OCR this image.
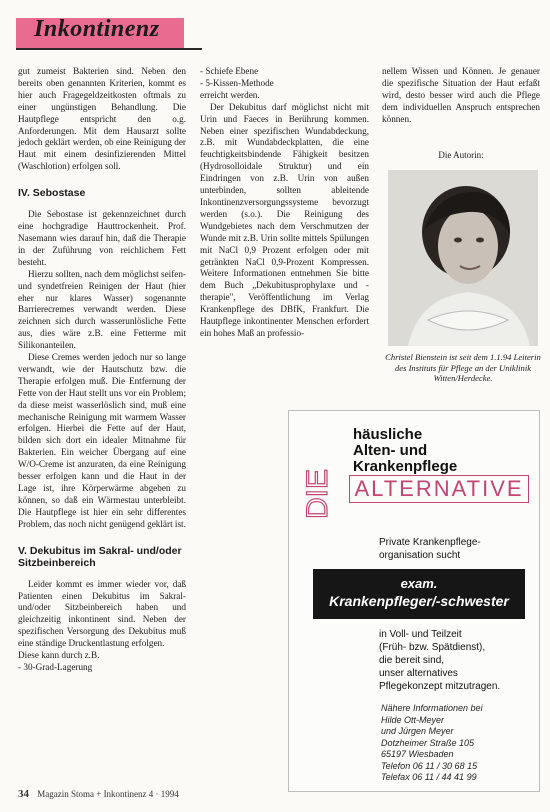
Inkontinenz

gut zumeist Bakterien sind. Neben den bereits oben genannten Kriterien, kommt es hier auch Fragegeldzeitkosten oftmals zu einer ungünstigen Behandlung. Die Hautpflege entspricht den o.g. Anforderungen. Mit dem Hausarzt sollte jedoch geklärt werden, ob eine Reinigung der Haut mit einem desinfizierenden Mittel (Waschlotion) erfolgen soll.

IV. Sebostase

Die Sebostase ist gekennzeichnet durch eine hochgradige Hauttrockenheit. Prof. Nasemann wies darauf hin, daß die Therapie in der Zuführung von reichlichem Fett besteht.

Hierzu sollten, nach dem möglichst seifen- und syndetfreien Reinigen der Haut (hier eher nur klares Wasser) sogenannte Barrierecremes verwandt werden. Diese zeichnen sich durch wasserunlösliche Fette aus, dies wäre z.B. eine Fetterme mit Silikonanteilen.

Diese Cremes werden jedoch nur so lange verwandt, wie der Hautschutz bzw. die Therapie erfolgen muß. Die Entfernung der Fette von der Haut stellt uns vor ein Problem; da diese meist wasserlöslich sind, muß eine mechanische Reinigung mit warmem Wasser erfolgen. Hierbei die Fette auf der Haut, bilden sich dort ein idealer Mitnahme für Bakterien. Ein weicher Übergang auf eine W/O-Creme ist anzuraten, da eine Reinigung besser erfolgen kann und die Haut in der Lage ist, ihre Körperwärme abgeben zu können, so daß ein Wärmestau unterbleibt. Die Hautpflege ist hier ein sehr differentes Problem, das noch nicht genügend geklärt ist.

V. Dekubitus im Sakral- und/oder Sitzbeinbereich

Leider kommt es immer wieder vor, daß Patienten einen Dekubitus im Sakral- und/oder Sitzbeinbereich haben und gleichzeitig inkontinent sind. Neben der spezifischen Versorgung des Dekubitus muß eine ständige Druckentlastung erfolgen.

Diese kann durch z.B.

- 30-Grad-Lagerung

- Schiefe Ebene

- 5-Kissen-Methode

erreicht werden.

Der Dekubitus darf möglichst nicht mit Urin und Faeces in Berührung kommen. Neben einer spezifischen Wundabdeckung, z.B. mit Wundabdeckplatten, die eine feuchtigkeitsbindende Fähigkeit besitzen (Hydrosolloidale Struktur) und ein Eindringen von z.B. Urin von außen unterbinden, sollten ableitende Inkontinenzversorgungssysteme bevorzugt werden (s.o.). Die Reinigung des Wundgebietes nach dem Verschmutzen der Wunde mit z.B. Urin sollte mittels Spülungen mit NaCl 0,9 Prozent erfolgen oder mit getränkten NaCl 0,9-Prozent Kompressen. Weitere Informationen entnehmen Sie bitte dem Buch „Dekubitusprophylaxe und -therapie", Veröffentlichung im Verlag Krankenpflege des DBfK, Frankfurt. Die Hautpflege inkontinenter Menschen erfordert ein hohes Maß an professio-

nellem Wissen und Können. Je genauer die spezifische Situation der Haut erfaßt wird, desto besser wird auch die Pflege dem individuellen Anspruch entsprechen können.

Die Autorin:
Christel Bienstein ist seit dem 1.1.94 Leiterin des Instituts für Pflege an der Uniklinik Witten/Herdecke.
DIE
häusliche
Alten- und
Krankenpflege
ALTERNATIVE
Private Krankenpflege-
organisation sucht
exam.
Krankenpfleger/-schwester
in Voll- und Teilzeit
(Früh- bzw. Spätdienst),
die bereit sind,
unser alternatives
Pflegekonzept mitzutragen.
Nähere Informationen bei
Hilde Ott-Meyer
und Jürgen Meyer
Dotzheimer Straße 105
65197 Wiesbaden
Telefon 06 11 / 30 68 15
Telefax 06 11 / 44 41 99
34 Magazin Stoma + Inkontinenz 4 · 1994
